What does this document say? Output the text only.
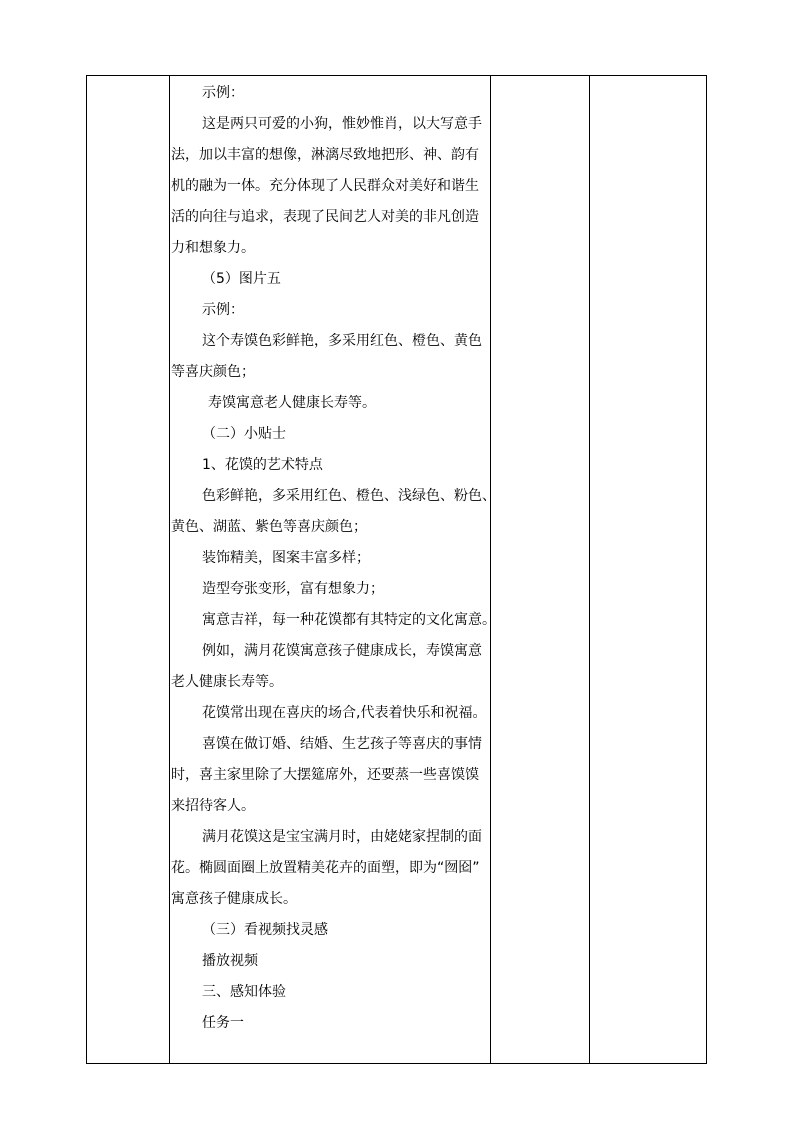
示例：
这是两只可爱的小狗，惟妙惟肖，以大写意手
法，加以丰富的想像，淋漓尽致地把形、神、韵有
机的融为一体。充分体现了人民群众对美好和谐生
活的向往与追求，表现了民间艺人对美的非凡创造
力和想象力。
（5）图片五
示例：
这个寿馍色彩鲜艳，多采用红色、橙色、黄色
等喜庆颜色；
寿馍寓意老人健康长寿等。
（二）小贴士
1、花馍的艺术特点
色彩鲜艳，多采用红色、橙色、浅绿色、粉色、
黄色、湖蓝、紫色等喜庆颜色；
装饰精美，图案丰富多样；
造型夸张变形，富有想象力；
寓意吉祥，每一种花馍都有其特定的文化寓意。
例如，满月花馍寓意孩子健康成长，寿馍寓意
老人健康长寿等。
花馍常出现在喜庆的场合,代表着快乐和祝福。
喜馍在做订婚、结婚、生艺孩子等喜庆的事情
时，喜主家里除了大摆筵席外，还要蒸一些喜馍馍
来招待客人。
满月花馍这是宝宝满月时，由姥姥家捏制的面
花。椭圆面圈上放置精美花卉的面塑，即为“囫囵”
寓意孩子健康成长。
（三）看视频找灵感
播放视频
三、感知体验
任务一
